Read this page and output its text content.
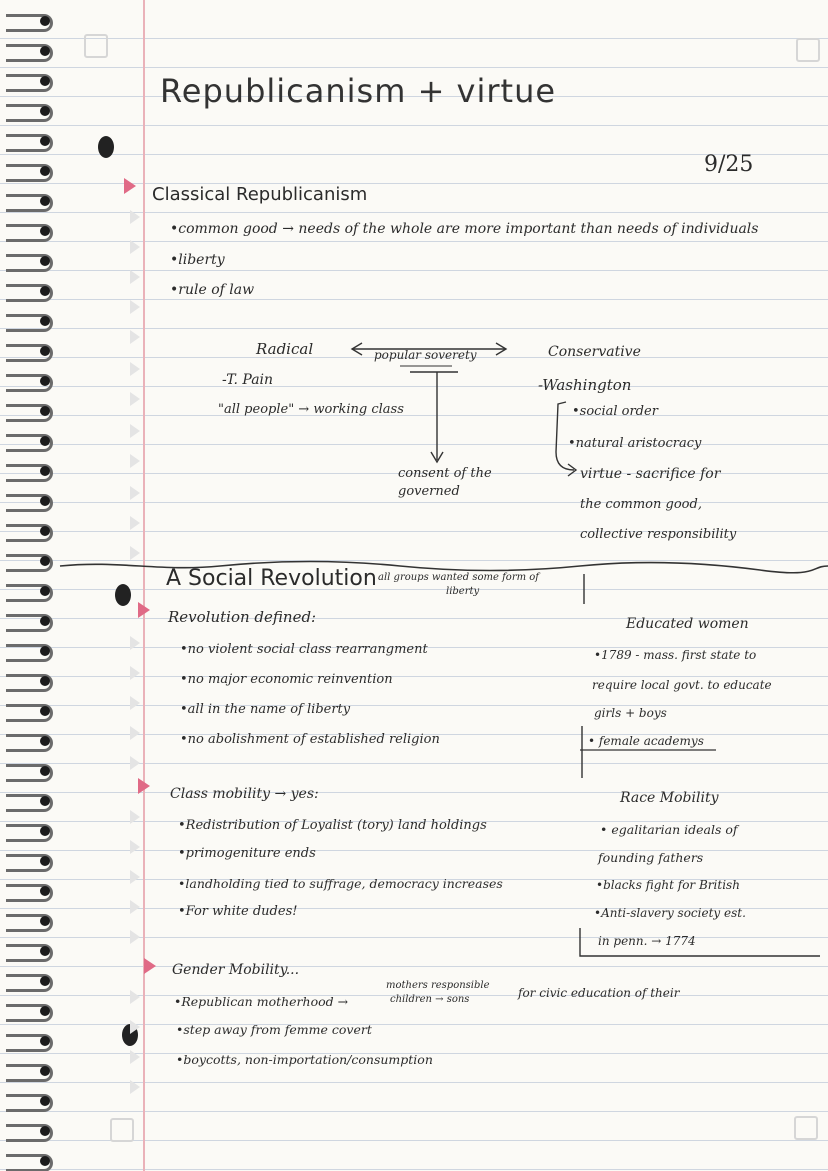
Republicanism + virtue
9/25
Classical Republicanism
•common good → needs of the whole are more important than needs of individuals
•liberty
•rule of law
Radical	popular soverety	Conservative
-T. Pain
"all people" → working class
consent of the
governed
-Washington
•social order
•natural aristocracy
virtue - sacrifice for
the common good,
collective responsibility
A Social Revolution all groups wanted some form of
liberty
Revolution defined:
•no violent social class rearrangment
•no major economic reinvention
•all in the name of liberty
•no abolishment of established religion
Educated women
•1789 - mass. first state to
require local govt. to educate
girls + boys
• female academys
Class mobility → yes:
•Redistribution of Loyalist (tory) land holdings
•primogeniture ends
•landholding tied to suffrage, democracy increases
•For white dudes!
Race Mobility
• egalitarian ideals of
founding fathers
•blacks fight for British
•Anti-slavery society est.
in penn. → 1774
Gender Mobility...
•Republican motherhood →
mothers responsible
children → sons	for civic education of their
•step away from femme covert
•boycotts, non-importation/consumption
